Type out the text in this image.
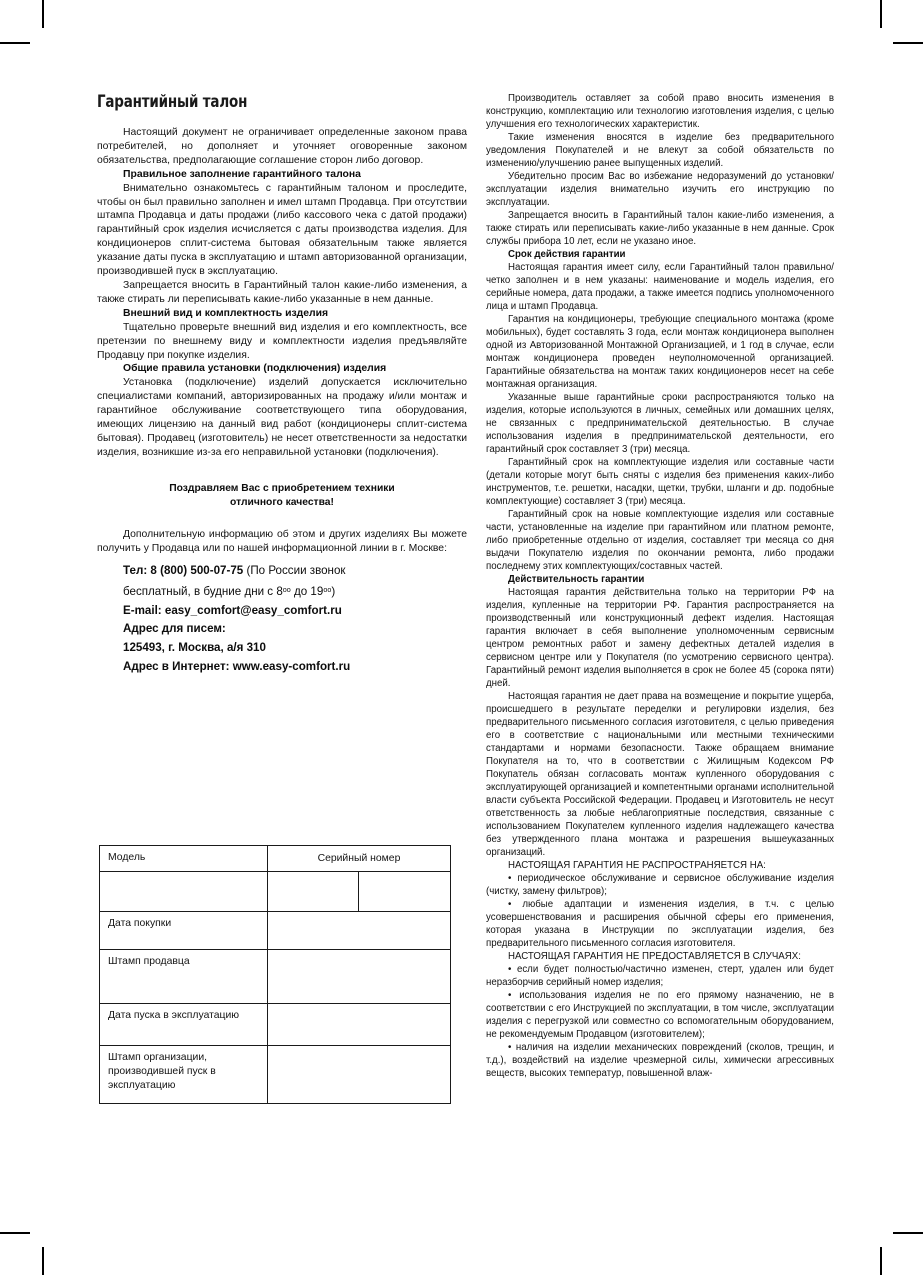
Гарантийный талон

Настоящий документ не ограничивает определенные законом права потребителей, но дополняет и уточняет оговоренные законом обязательства, предполагающие соглашение сторон либо договор.

Правильное заполнение гарантийного талона

Внимательно ознакомьтесь с гарантийным талоном и проследите, чтобы он был правильно заполнен и имел штамп Продавца. При отсутствии штампа Продавца и даты продажи (либо кассового чека с датой продажи) гарантийный срок изделия исчисляется с даты производства изделия. Для кондиционеров сплит-система бытовая обязательным также является указание даты пуска в эксплуатацию и штамп авторизованной организации, производившей пуск в эксплуатацию.

Запрещается вносить в Гарантийный талон какие-либо изменения, а также стирать ли переписывать какие-либо указанные в нем данные.

Внешний вид и комплектность изделия

Тщательно проверьте внешний вид изделия и его комплектность, все претензии по внешнему виду и комплектности изделия предъявляйте Продавцу при покупке изделия.

Общие правила установки (подключения) изделия

Установка (подключение) изделий допускается исключительно специалистами компаний, авторизированных на продажу и/или монтаж и гарантийное обслуживание соответствующего типа оборудования, имеющих лицензию на данный вид работ (кондиционеры сплит-система бытовая). Продавец (изготовитель) не несет ответственности за недостатки изделия, возникшие из-за его неправильной установки (подключения).

Поздравляем Вас с приобретением техники

отличного качества!

Дополнительную информацию об этом и других изделиях Вы можете получить у Продавца или по нашей информационной линии в г. Москве:

Тел: 8 (800) 500-07-75 (По России звонок
бесплатный, в будние дни с $8^{оо}$ до $19^{оо}$)
E-mail: easy_comfort@easy_comfort.ru
Адрес для писем:
125493, г. Москва, а/я 310
Адрес в Интернет: www.easy-comfort.ru
Модель	Серийный номер	

Дата покупки		
Штамп продавца		
Дата пуска в эксплуатацию		
Штамп организации, производившей пуск в эксплуатацию		

Производитель оставляет за собой право вносить изменения в конструкцию, комплектацию или технологию изготовления изделия, с целью улучшения его технологических характеристик.

Такие изменения вносятся в изделие без предварительного уведомления Покупателей и не влекут за собой обязательств по изменению/улучшению ранее выпущенных изделий.

Убедительно просим Вас во избежание недоразумений до установки/эксплуатации изделия внимательно изучить его инструкцию по эксплуатации.

Запрещается вносить в Гарантийный талон какие-либо изменения, а также стирать или переписывать какие-либо указанные в нем данные. Срок службы прибора 10 лет, если не указано иное.

Срок действия гарантии

Настоящая гарантия имеет силу, если Гарантийный талон правильно/четко заполнен и в нем указаны: наименование и модель изделия, его серийные номера, дата продажи, а также имеется подпись уполномоченного лица и штамп Продавца.

Гарантия на кондиционеры, требующие специального монтажа (кроме мобильных), будет составлять 3 года, если монтаж кондиционера выполнен одной из Авторизованной Монтажной Организацией, и 1 год в случае, если монтаж кондиционера проведен неуполномоченной организацией. Гарантийные обязательства на монтаж таких кондиционеров несет на себе монтажная организация.

Указанные выше гарантийные сроки распространяются только на изделия, которые используются в личных, семейных или домашних целях, не связанных с предпринимательской деятельностью. В случае использования изделия в предпринимательской деятельности, его гарантийный срок составляет 3 (три) месяца.

Гарантийный срок на комплектующие изделия или составные части (детали которые могут быть сняты с изделия без применения каких-либо инструментов, т.е. решетки, насадки, щетки, трубки, шланги и др. подобные комплектующие) составляет 3 (три) месяца.

Гарантийный срок на новые комплектующие изделия или составные части, установленные на изделие при гарантийном или платном ремонте, либо приобретенные отдельно от изделия, составляет три месяца со дня выдачи Покупателю изделия по окончании ремонта, либо продажи последнему этих комплектующих/составных частей.

Действительность гарантии

Настоящая гарантия действительна только на территории РФ на изделия, купленные на территории РФ. Гарантия распространяется на производственный или конструкционный дефект изделия. Настоящая гарантия включает в себя выполнение уполномоченным сервисным центром ремонтных работ и замену дефектных деталей изделия в сервисном центре или у Покупателя (по усмотрению сервисного центра). Гарантийный ремонт изделия выполняется в срок не более 45 (сорока пяти) дней.

Настоящая гарантия не дает права на возмещение и покрытие ущерба, происшедшего в результате переделки и регулировки изделия, без предварительного письменного согласия изготовителя, с целью приведения его в соответствие с национальными или местными техническими стандартами и нормами безопасности. Также обращаем внимание Покупателя на то, что в соответствии с Жилищным Кодексом РФ Покупатель обязан согласовать монтаж купленного оборудования с эксплуатирующей организацией и компетентными органами исполнительной власти субъекта Российской Федерации. Продавец и Изготовитель не несут ответственность за любые неблагоприятные последствия, связанные с использованием Покупателем купленного изделия надлежащего качества без утвержденного плана монтажа и разрешения вышеуказанных организаций.

НАСТОЯЩАЯ ГАРАНТИЯ НЕ РАСПРОСТРАНЯЕТСЯ НА:

• периодическое обслуживание и сервисное обслуживание изделия (чистку, замену фильтров);

• любые адаптации и изменения изделия, в т.ч. с целью усовершенствования и расширения обычной сферы его применения, которая указана в Инструкции по эксплуатации изделия, без предварительного письменного согласия изготовителя.

НАСТОЯЩАЯ ГАРАНТИЯ НЕ ПРЕДОСТАВЛЯЕТСЯ В СЛУЧАЯХ:

• если будет полностью/частично изменен, стерт, удален или будет неразборчив серийный номер изделия;

• использования изделия не по его прямому назначению, не в соответствии с его Инструкцией по эксплуатации, в том числе, эксплуатации изделия с перегрузкой или совместно со вспомогательным оборудованием, не рекомендуемым Продавцом (изготовителем);

• наличия на изделии механических повреждений (сколов, трещин, и т.д.), воздействий на изделие чрезмерной силы, химически агрессивных веществ, высоких температур, повышенной влаж-
